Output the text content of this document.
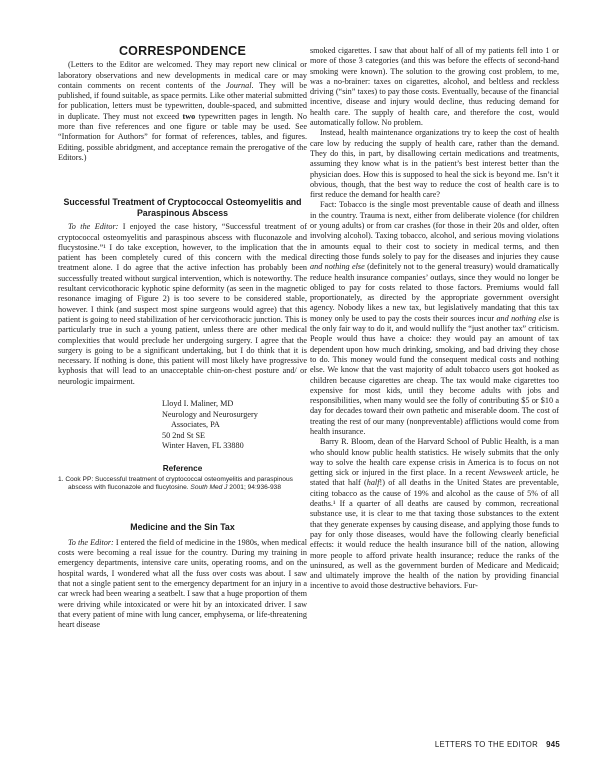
CORRESPONDENCE

(Letters to the Editor are welcomed. They may report new clinical or laboratory observations and new developments in medical care or may contain comments on recent contents of the Journal. They will be published, if found suitable, as space permits. Like other material submitted for publication, letters must be typewritten, double-spaced, and submitted in duplicate. They must not exceed two typewritten pages in length. No more than five references and one figure or table may be used. See “Information for Authors” for format of references, tables, and figures. Editing, possible abridgment, and acceptance remain the prerogative of the Editors.)

Successful Treatment of Cryptococcal Osteomyelitis and Paraspinous Abscess

To the Editor: I enjoyed the case history, “Successful treatment of cryptococcal osteomyelitis and paraspinous abscess with fluconazole and flucystosine.”¹ I do take exception, however, to the implication that the patient has been completely cured of this concern with the medical treatment alone. I do agree that the active infection has probably been successfully treated without surgical intervention, which is noteworthy. The resultant cervicothoracic kyphotic spine deformity (as seen in the magnetic resonance imaging of Figure 2) is too severe to be considered stable, however. I think (and suspect most spine surgeons would agree) that this patient is going to need stabilization of her cervicothoracic junction. This is particularly true in such a young patient, unless there are other medical complexities that would preclude her undergoing surgery. I agree that the surgery is going to be a significant undertaking, but I do think that it is necessary. If nothing is done, this patient will most likely have progressive kyphosis that will lead to an unacceptable chin-on-chest posture and/ or neurologic impairment.

Lloyd I. Maliner, MD
Neurology and Neurosurgery
Associates, PA
50 2nd St SE
Winter Haven, FL 33880
Reference
1. Cook PP: Successful treatment of cryptococcal osteomyelitis and paraspinous abscess with fluconazole and flucytosine. South Med J 2001; 94:936-938
Medicine and the Sin Tax

To the Editor: I entered the field of medicine in the 1980s, when medical costs were becoming a real issue for the country. During my training in emergency departments, intensive care units, operating rooms, and on the hospital wards, I wondered what all the fuss over costs was about. I saw that not a single patient sent to the emergency department for an injury in a car wreck had been wearing a seatbelt. I saw that a huge proportion of them were driving while intoxicated or were hit by an intoxicated driver. I saw that every patient of mine with lung cancer, emphysema, or life-threatening heart disease

smoked cigarettes. I saw that about half of all of my patients fell into 1 or more of those 3 categories (and this was before the effects of second-hand smoking were known). The solution to the growing cost problem, to me, was a no-brainer: taxes on cigarettes, alcohol, and beltless and reckless driving (“sin” taxes) to pay those costs. Eventually, because of the financial incentive, disease and injury would decline, thus reducing demand for health care. The supply of health care, and therefore the cost, would automatically follow. No problem.

Instead, health maintenance organizations try to keep the cost of health care low by reducing the supply of health care, rather than the demand. They do this, in part, by disallowing certain medications and treatments, assuming they know what is in the patient’s best interest better than the physician does. How this is supposed to heal the sick is beyond me. Isn’t it obvious, though, that the best way to reduce the cost of health care is to first reduce the demand for health care?

Fact: Tobacco is the single most preventable cause of death and illness in the country. Trauma is next, either from deliberate violence (for children or young adults) or from car crashes (for those in their 20s and older, often involving alcohol). Taxing tobacco, alcohol, and serious moving violations in amounts equal to their cost to society in medical terms, and then directing those funds solely to pay for the diseases and injuries they cause and nothing else (definitely not to the general treasury) would dramatically reduce health insurance companies’ outlays, since they would no longer be obliged to pay for costs related to those factors. Premiums would fall proportionately, as directed by the appropriate government oversight agency. Nobody likes a new tax, but legislatively mandating that this tax money only be used to pay the costs their sources incur and nothing else is the only fair way to do it, and would nullify the “just another tax” criticism. People would thus have a choice: they would pay an amount of tax dependent upon how much drinking, smoking, and bad driving they chose to do. This money would fund the consequent medical costs and nothing else. We know that the vast majority of adult tobacco users got hooked as children because cigarettes are cheap. The tax would make cigarettes too expensive for most kids, until they become adults with jobs and responsibilities, when many would see the folly of contributing $5 or $10 a day for decades toward their own pathetic and miserable doom. The cost of treating the rest of our many (nonpreventable) afflictions would come from health insurance.

Barry R. Bloom, dean of the Harvard School of Public Health, is a man who should know public health statistics. He wisely submits that the only way to solve the health care expense crisis in America is to focus on not getting sick or injured in the first place. In a recent Newsweek article, he stated that half (half!) of all deaths in the United States are preventable, citing tobacco as the cause of 19% and alcohol as the cause of 5% of all deaths.¹ If a quarter of all deaths are caused by common, recreational substance use, it is clear to me that taxing those substances to the extent that they generate expenses by causing disease, and applying those funds to pay for only those diseases, would have the following clearly beneficial effects: it would reduce the health insurance bill of the nation, allowing more people to afford private health insurance; reduce the ranks of the uninsured, as well as the government burden of Medicare and Medicaid; and ultimately improve the health of the nation by providing financial incentive to avoid those destructive behaviors. Fur-

LETTERS TO THE EDITOR 945
